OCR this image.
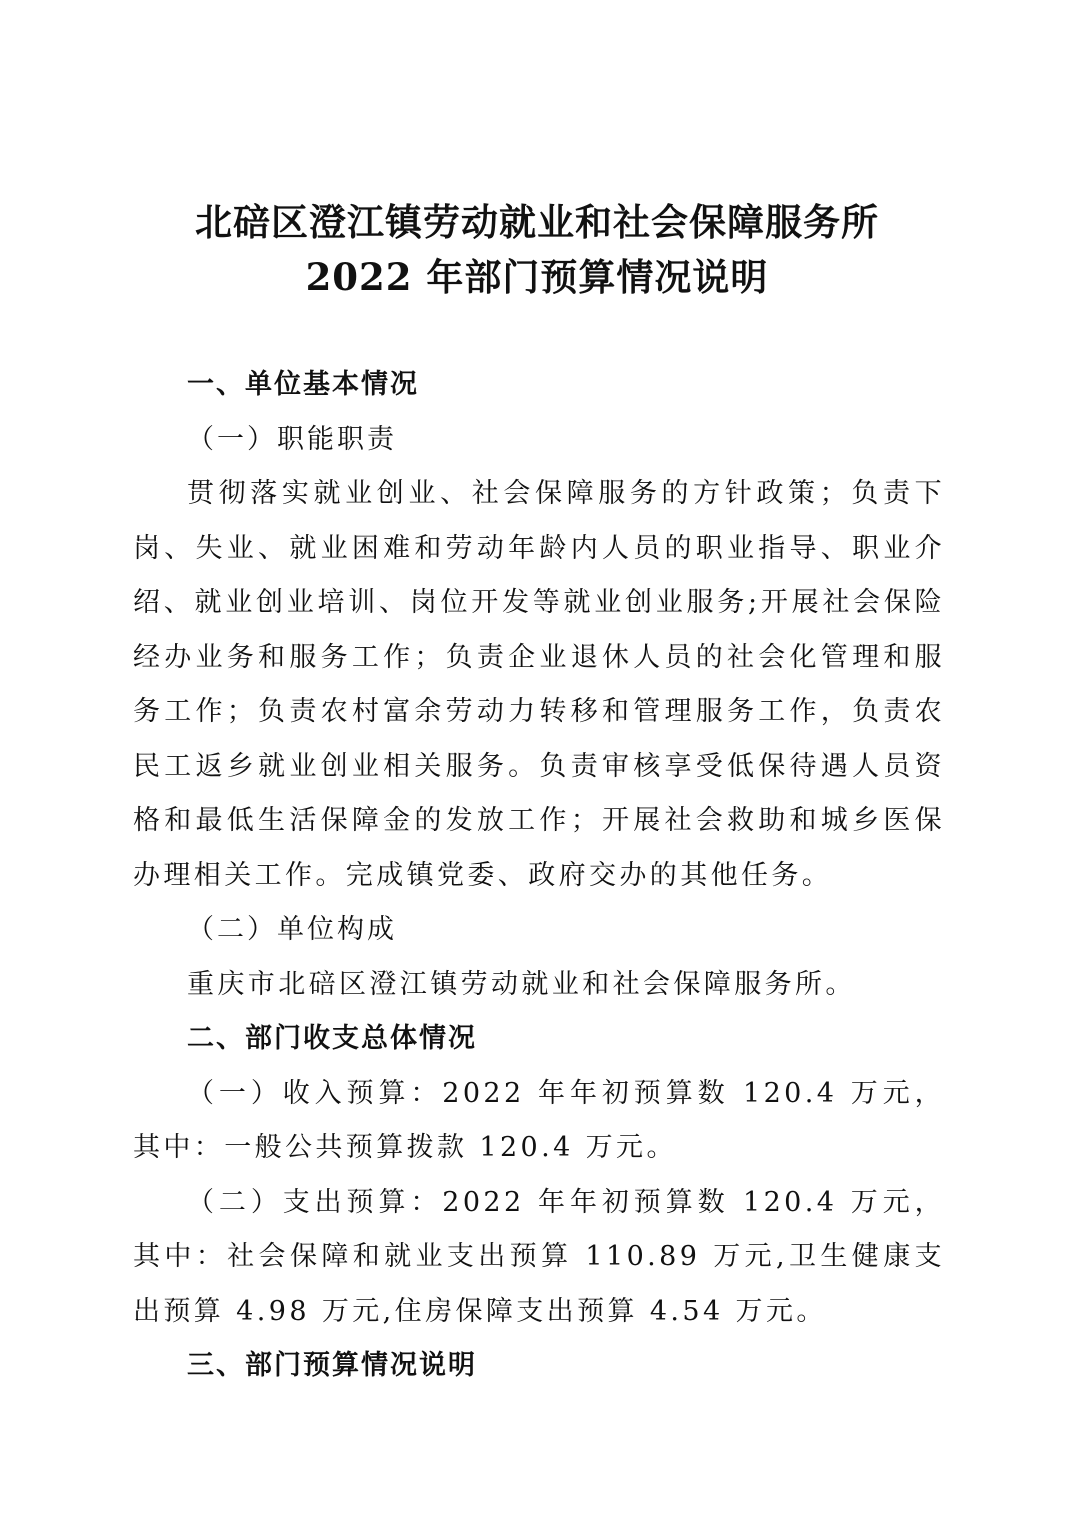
北碚区澄江镇劳动就业和社会保障服务所
2022 年部门预算情况说明

一、单位基本情况

（一）职能职责

贯彻落实就业创业、社会保障服务的方针政策；负责下岗、失业、就业困难和劳动年龄内人员的职业指导、职业介绍、就业创业培训、岗位开发等就业创业服务;开展社会保险经办业务和服务工作；负责企业退休人员的社会化管理和服务工作；负责农村富余劳动力转移和管理服务工作，负责农民工返乡就业创业相关服务。负责审核享受低保待遇人员资格和最低生活保障金的发放工作；开展社会救助和城乡医保办理相关工作。完成镇党委、政府交办的其他任务。

（二）单位构成

重庆市北碚区澄江镇劳动就业和社会保障服务所。

二、部门收支总体情况

（一）收入预算：2022 年年初预算数 120.4 万元，其中：一般公共预算拨款 120.4 万元。

（二）支出预算：2022 年年初预算数 120.4 万元，其中：社会保障和就业支出预算 110.89 万元,卫生健康支出预算 4.98 万元,住房保障支出预算 4.54 万元。

三、部门预算情况说明
